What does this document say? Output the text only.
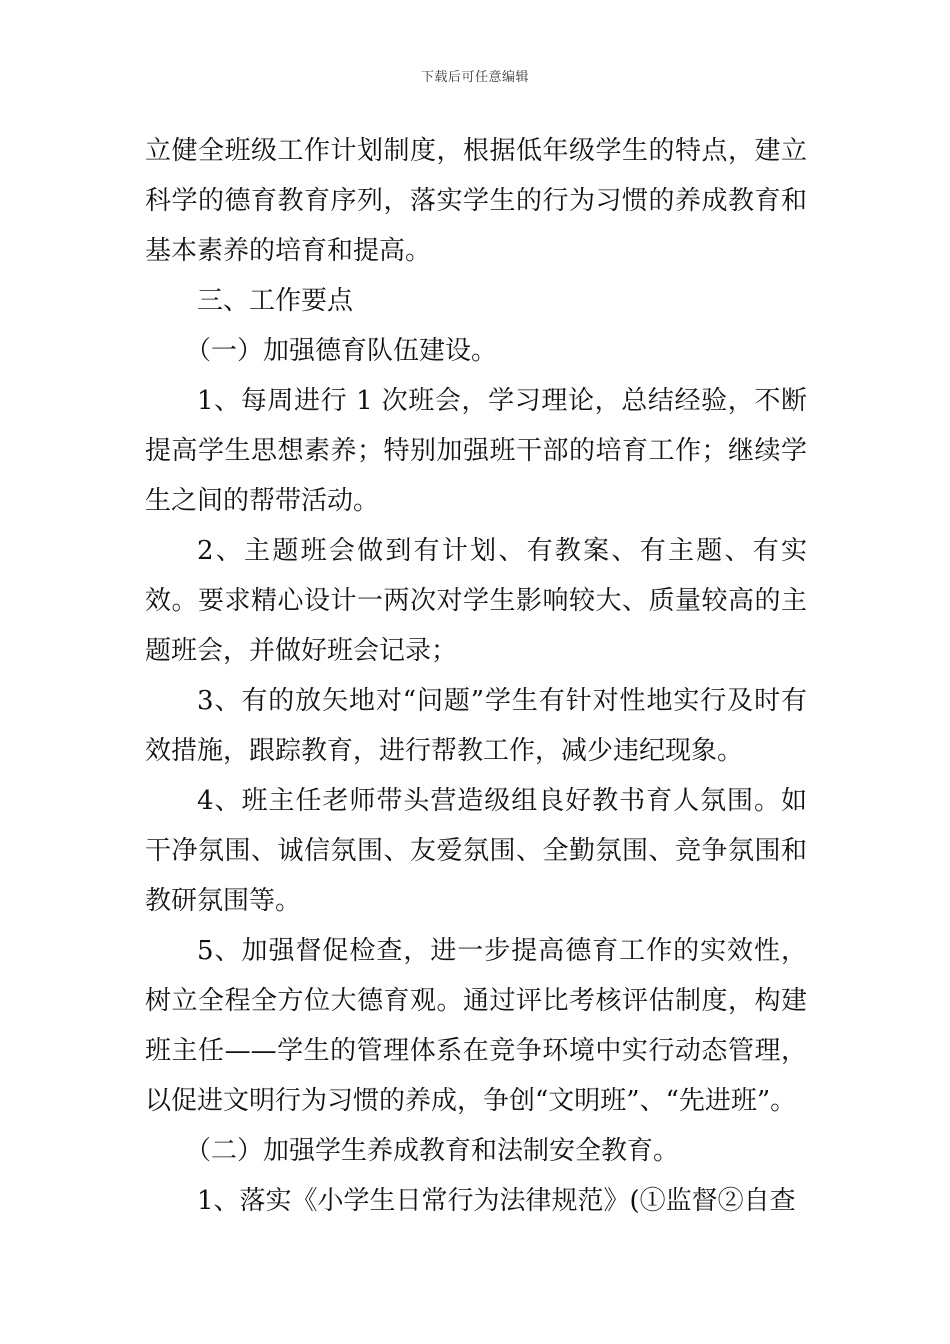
下载后可任意编辑

立健全班级工作计划制度，根据低年级学生的特点，建立科学的德育教育序列，落实学生的行为习惯的养成教育和基本素养的培育和提高。

三、工作要点

（一）加强德育队伍建设。

1、每周进行 1 次班会，学习理论，总结经验，不断提高学生思想素养；特别加强班干部的培育工作；继续学生之间的帮带活动。

2、主题班会做到有计划、有教案、有主题、有实效。要求精心设计一两次对学生影响较大、质量较高的主题班会，并做好班会记录；

3、有的放矢地对“问题”学生有针对性地实行及时有效措施，跟踪教育，进行帮教工作，减少违纪现象。

4、班主任老师带头营造级组良好教书育人氛围。如干净氛围、诚信氛围、友爱氛围、全勤氛围、竞争氛围和教研氛围等。

5、加强督促检查，进一步提高德育工作的实效性，树立全程全方位大德育观。通过评比考核评估制度，构建班主任——学生的管理体系在竞争环境中实行动态管理，以促进文明行为习惯的养成，争创“文明班”、“先进班”。

（二）加强学生养成教育和法制安全教育。

1、落实《小学生日常行为法律规范》(①监督②自查
